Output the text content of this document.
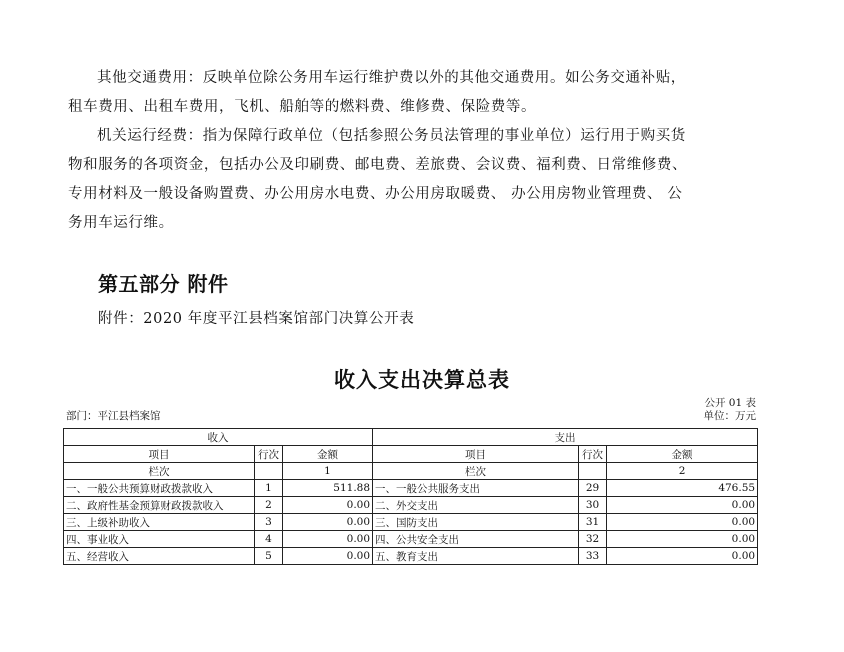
其他交通费用：反映单位除公务用车运行维护费以外的其他交通费用。如公务交通补贴，
租车费用、出租车费用，飞机、船舶等的燃料费、维修费、保险费等。
机关运行经费：指为保障行政单位（包括参照公务员法管理的事业单位）运行用于购买货
物和服务的各项资金，包括办公及印刷费、邮电费、差旅费、会议费、福利费、日常维修费、
专用材料及一般设备购置费、办公用房水电费、办公用房取暖费、 办公用房物业管理费、 公
务用车运行维。
第五部分 附件

附件：2020 年度平江县档案馆部门决算公开表

收入支出决算总表

公开 01 表

部门：平江县档案馆	单位：万元

收入			支出		
项目	行次	金额	项目	行次	金额
栏次		1	栏次		2
一、一般公共预算财政拨款收入	1	511.88	一、一般公共服务支出	29	476.55
二、政府性基金预算财政拨款收入	2	0.00	二、外交支出	30	0.00
三、上级补助收入	3	0.00	三、国防支出	31	0.00
四、事业收入	4	0.00	四、公共安全支出	32	0.00
五、经营收入	5	0.00	五、教育支出	33	0.00
